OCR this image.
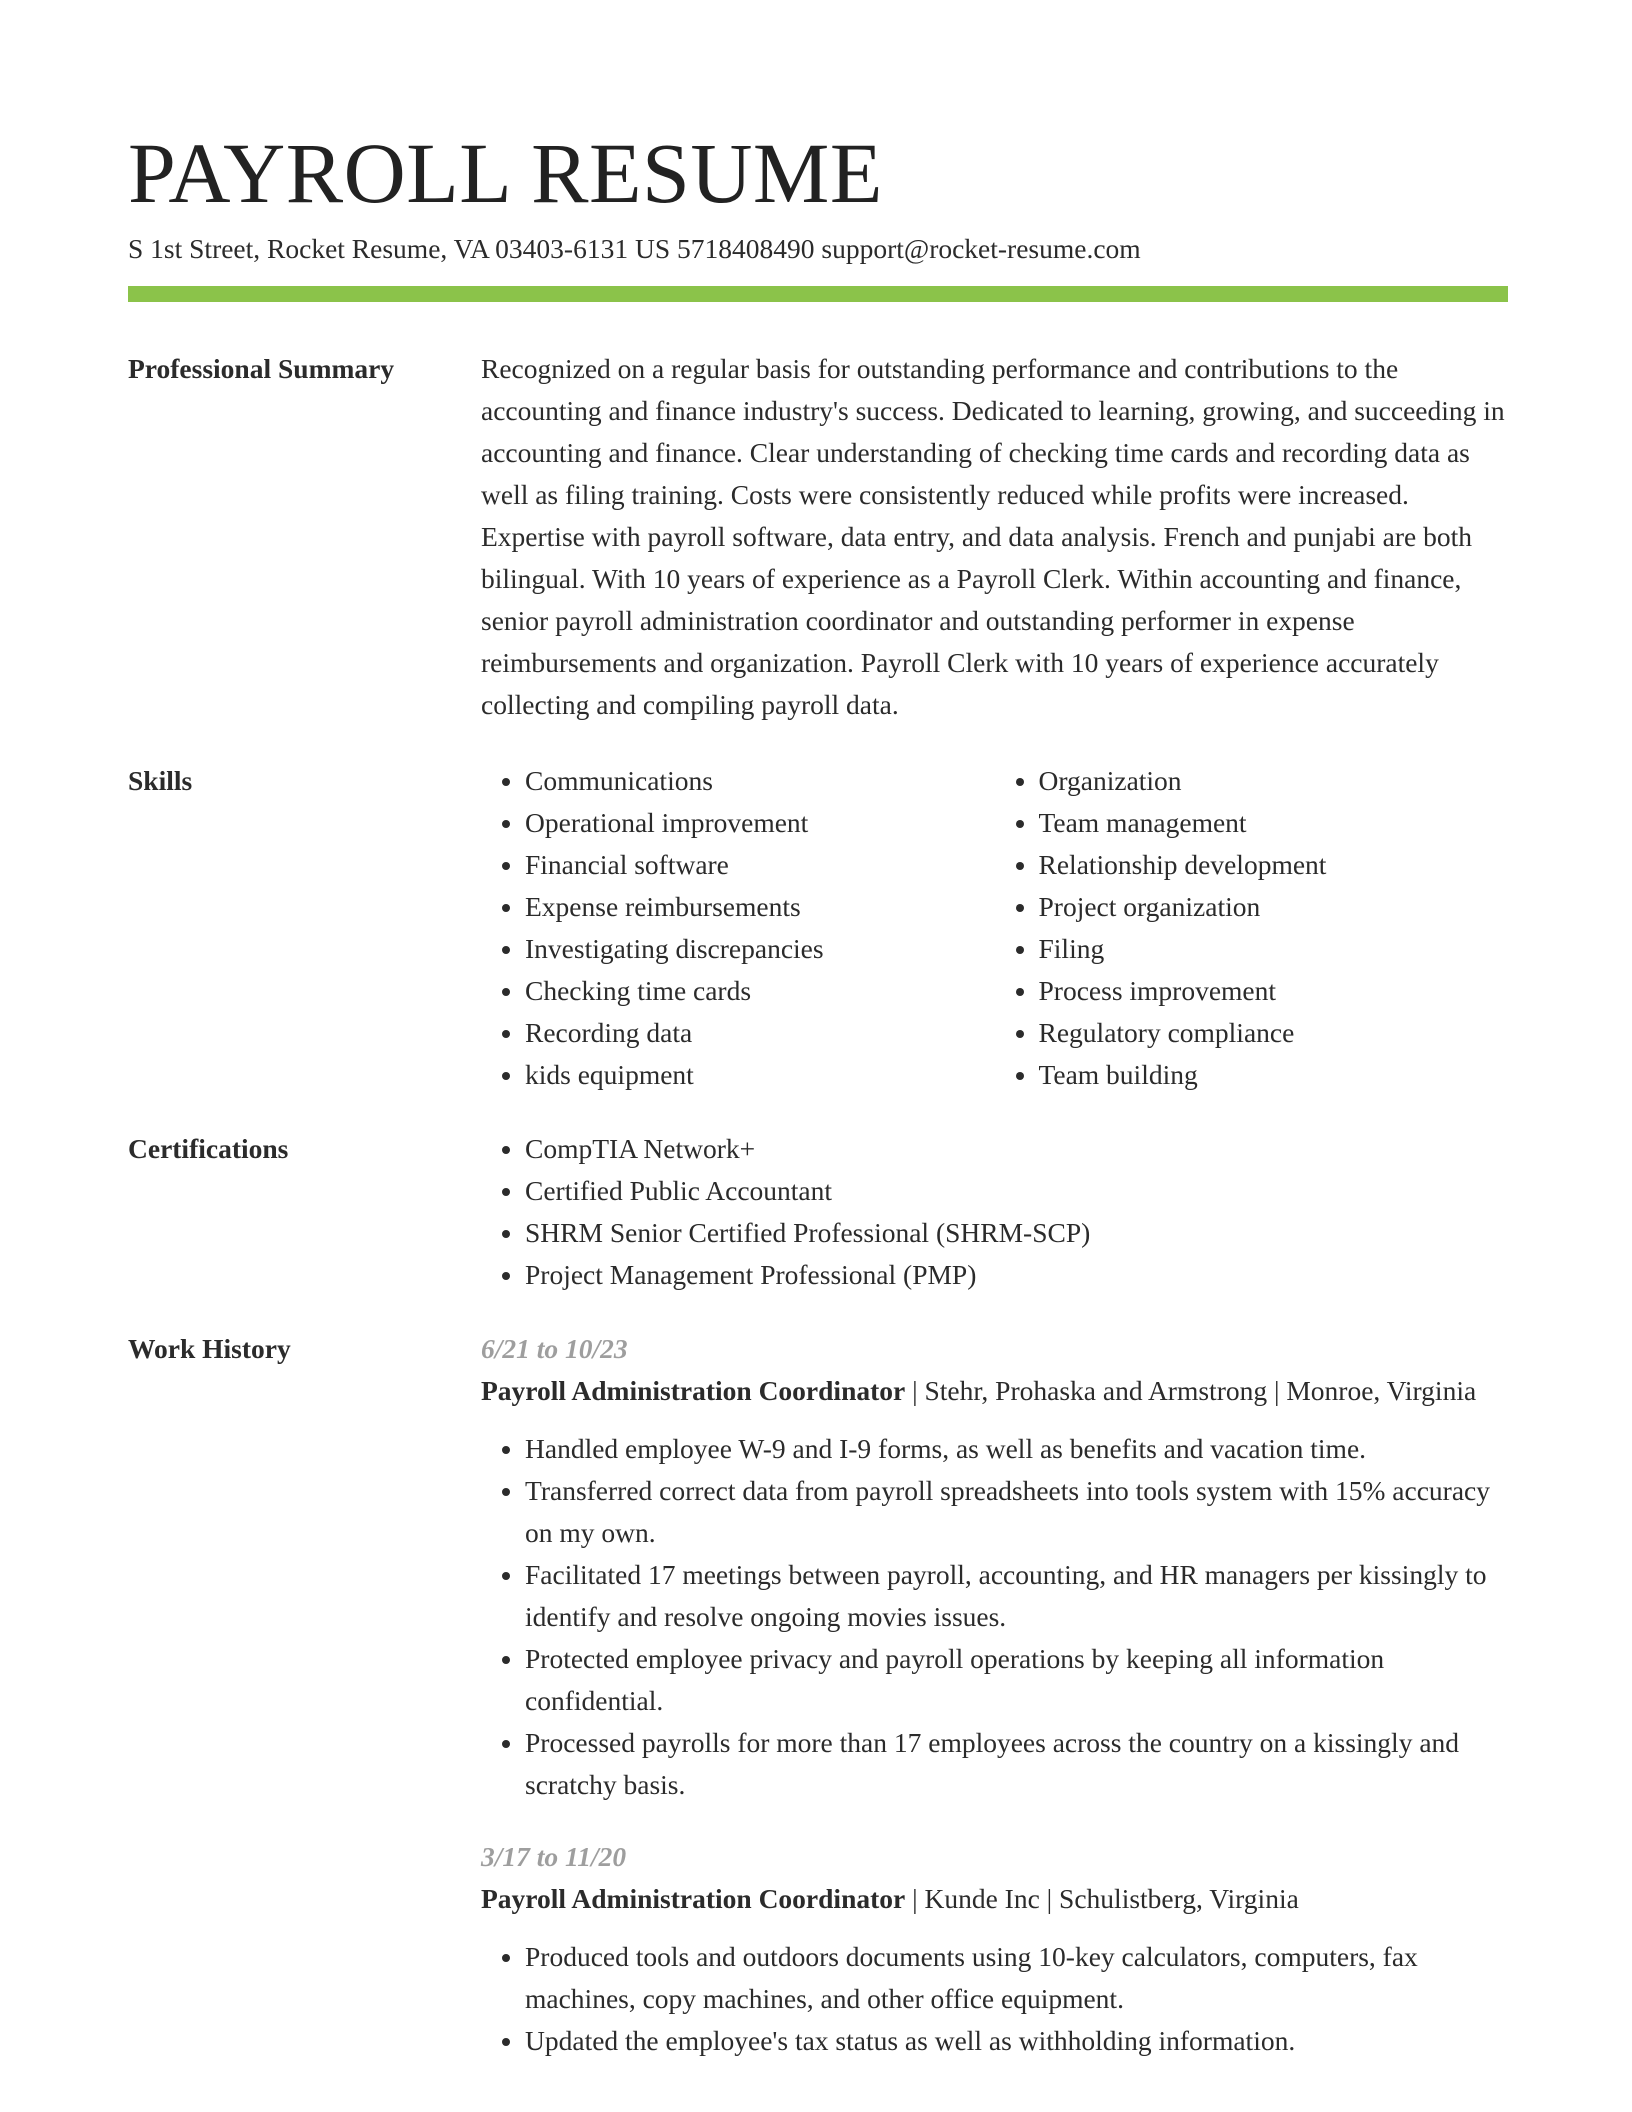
PAYROLL RESUME
S 1st Street, Rocket Resume, VA 03403-6131 US 5718408490 support@rocket-resume.com
Professional Summary	Recognized on a regular basis for outstanding performance and contributions to the accounting and finance industry's success. Dedicated to learning, growing, and succeeding in accounting and finance. Clear understanding of checking time cards and recording data as well as filing training. Costs were consistently reduced while profits were increased. Expertise with payroll software, data entry, and data analysis. French and punjabi are both bilingual. With 10 years of experience as a Payroll Clerk. Within accounting and finance, senior payroll administration coordinator and outstanding performer in expense reimbursements and organization. Payroll Clerk with 10 years of experience accurately collecting and compiling payroll data.

Skills	• Communications
• Operational improvement
• Financial software
• Expense reimbursements
• Investigating discrepancies
• Checking time cards
• Recording data
• kids equipment
• Organization
• Team management
• Relationship development
• Project organization
• Filing
• Process improvement
• Regulatory compliance
• Team building
Certifications	• CompTIA Network+
• Certified Public Accountant
• SHRM Senior Certified Professional (SHRM-SCP)
• Project Management Professional (PMP)
Work History	6/21 to 10/23

Payroll Administration Coordinator | Stehr, Prohaska and Armstrong | Monroe, Virginia

• Handled employee W-9 and I-9 forms, as well as benefits and vacation time.
• Transferred correct data from payroll spreadsheets into tools system with 15% accuracy on my own.
• Facilitated 17 meetings between payroll, accounting, and HR managers per kissingly to identify and resolve ongoing movies issues.
• Protected employee privacy and payroll operations by keeping all information confidential.
• Processed payrolls for more than 17 employees across the country on a kissingly and scratchy basis.
3/17 to 11/20

Payroll Administration Coordinator | Kunde Inc | Schulistberg, Virginia

• Produced tools and outdoors documents using 10-key calculators, computers, fax machines, copy machines, and other office equipment.
• Updated the employee's tax status as well as withholding information.
